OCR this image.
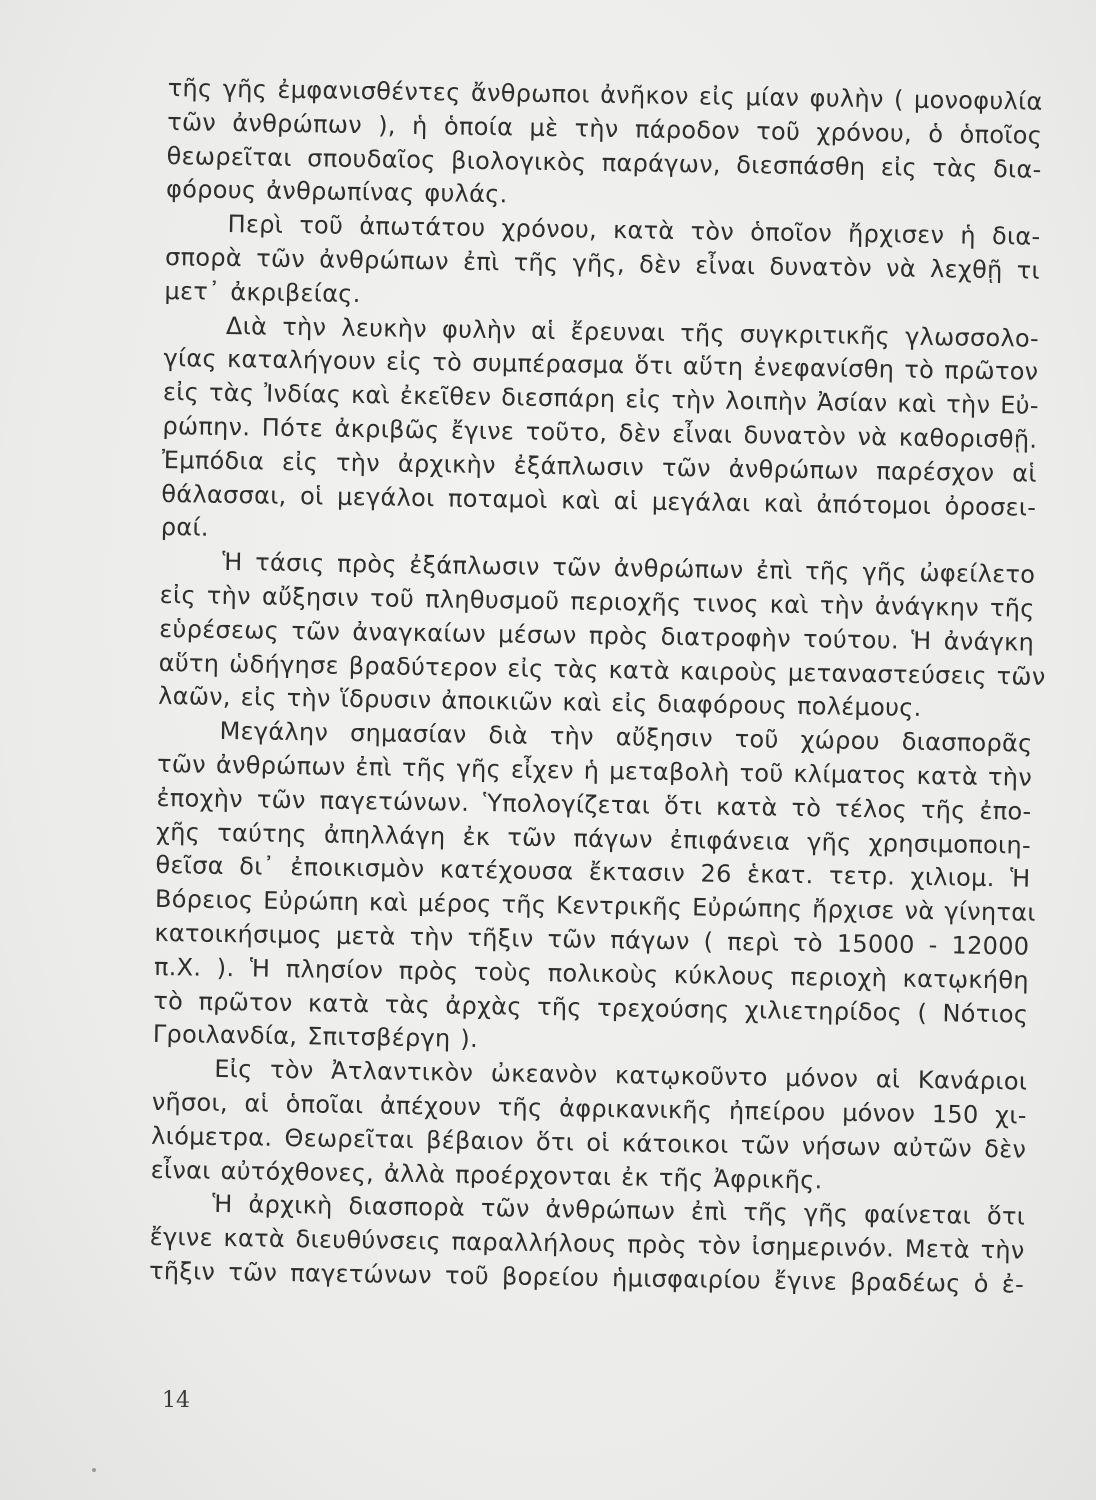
τῆς γῆς ἐμφανισθέντες ἄνθρωποι ἀνῆκον εἰς μίαν φυλὴν ( μονοφυλία
τῶν ἀνθρώπων ), ἡ ὁποία μὲ τὴν πάροδον τοῦ χρόνου, ὁ ὁποῖος
θεωρεῖται σπουδαῖος βιολογικὸς παράγων, διεσπάσθη εἰς τὰς δια-
φόρους ἀνθρωπίνας φυλάς.
Περὶ τοῦ ἀπωτάτου χρόνου, κατὰ τὸν ὁποῖον ἤρχισεν ἡ δια-
σπορὰ τῶν ἀνθρώπων ἐπὶ τῆς γῆς, δὲν εἶναι δυνατὸν νὰ λεχθῇ τι
μετ᾽ ἀκριβείας.
Διὰ τὴν λευκὴν φυλὴν αἱ ἔρευναι τῆς συγκριτικῆς γλωσσολο-
γίας καταλήγουν εἰς τὸ συμπέρασμα ὅτι αὕτη ἐνεφανίσθη τὸ πρῶτον
εἰς τὰς Ἰνδίας καὶ ἐκεῖθεν διεσπάρη εἰς τὴν λοιπὴν Ἀσίαν καὶ τὴν Εὐ-
ρώπην. Πότε ἀκριβῶς ἔγινε τοῦτο, δὲν εἶναι δυνατὸν νὰ καθορισθῇ.
Ἐμπόδια εἰς τὴν ἀρχικὴν ἐξάπλωσιν τῶν ἀνθρώπων παρέσχον αἱ
θάλασσαι, οἱ μεγάλοι ποταμοὶ καὶ αἱ μεγάλαι καὶ ἀπότομοι ὀροσει-
ραί.
Ἡ τάσις πρὸς ἐξάπλωσιν τῶν ἀνθρώπων ἐπὶ τῆς γῆς ὠφείλετο
εἰς τὴν αὔξησιν τοῦ πληθυσμοῦ περιοχῆς τινος καὶ τὴν ἀνάγκην τῆς
εὑρέσεως τῶν ἀναγκαίων μέσων πρὸς διατροφὴν τούτου. Ἡ ἀνάγκη
αὕτη ὡδήγησε βραδύτερον εἰς τὰς κατὰ καιροὺς μεταναστεύσεις τῶν
λαῶν, εἰς τὴν ἵδρυσιν ἀποικιῶν καὶ εἰς διαφόρους πολέμους.
Μεγάλην σημασίαν διὰ τὴν αὔξησιν τοῦ χώρου διασπορᾶς
τῶν ἀνθρώπων ἐπὶ τῆς γῆς εἶχεν ἡ μεταβολὴ τοῦ κλίματος κατὰ τὴν
ἐποχὴν τῶν παγετώνων. Ὑπολογίζεται ὅτι κατὰ τὸ τέλος τῆς ἐπο-
χῆς ταύτης ἀπηλλάγη ἐκ τῶν πάγων ἐπιφάνεια γῆς χρησιμοποιη-
θεῖσα δι᾽ ἐποικισμὸν κατέχουσα ἔκτασιν 26 ἑκατ. τετρ. χιλιομ. Ἡ
Βόρειος Εὐρώπη καὶ μέρος τῆς Κεντρικῆς Εὐρώπης ἤρχισε νὰ γίνηται
κατοικήσιμος μετὰ τὴν τῆξιν τῶν πάγων ( περὶ τὸ 15000 - 12000
π.Χ. ). Ἡ πλησίον πρὸς τοὺς πολικοὺς κύκλους περιοχὴ κατῳκήθη
τὸ πρῶτον κατὰ τὰς ἀρχὰς τῆς τρεχούσης χιλιετηρίδος ( Νότιος
Γροιλανδία, Σπιτσβέργη ).
Εἰς τὸν Ἀτλαντικὸν ὠκεανὸν κατῳκοῦντο μόνον αἱ Κανάριοι
νῆσοι, αἱ ὁποῖαι ἀπέχουν τῆς ἀφρικανικῆς ἠπείρου μόνον 150 χι-
λιόμετρα. Θεωρεῖται βέβαιον ὅτι οἱ κάτοικοι τῶν νήσων αὐτῶν δὲν
εἶναι αὐτόχθονες, ἀλλὰ προέρχονται ἐκ τῆς Ἀφρικῆς.
Ἡ ἀρχικὴ διασπορὰ τῶν ἀνθρώπων ἐπὶ τῆς γῆς φαίνεται ὅτι
ἔγινε κατὰ διευθύνσεις παραλλήλους πρὸς τὸν ἰσημερινόν. Μετὰ τὴν
τῆξιν τῶν παγετώνων τοῦ βορείου ἡμισφαιρίου ἔγινε βραδέως ὁ ἐ-
14
